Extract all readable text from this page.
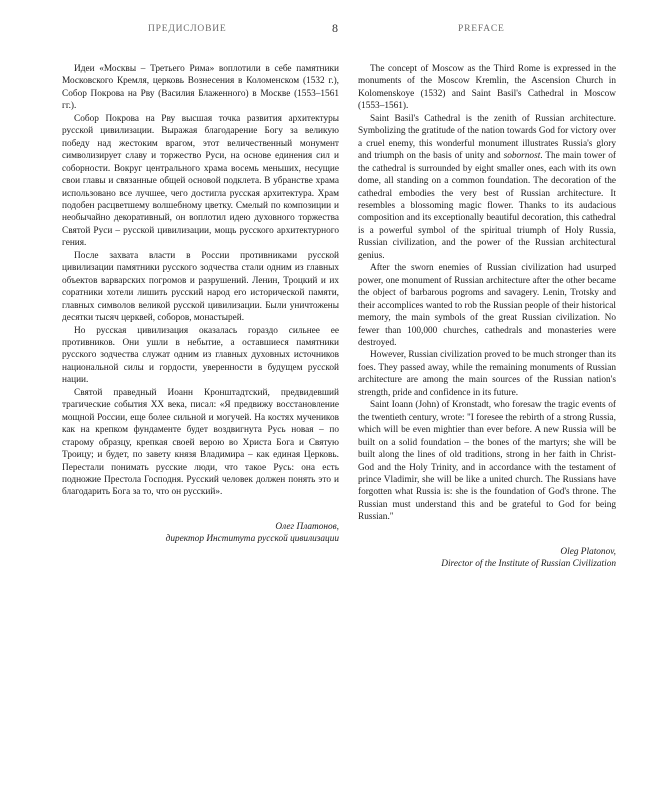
ПРЕДИСЛОВИЕ	8	PREFACE

Идеи «Москвы – Третьего Рима» воплотили в себе памятники Московского Кремля, церковь Вознесения в Коломенском (1532 г.), Собор Покрова на Рву (Василия Блаженного) в Москве (1553–1561 гг.).

Собор Покрова на Рву высшая точка развития архитектуры русской цивилизации. Выражая благодарение Богу за великую победу над жестоким врагом, этот величественный монумент символизирует славу и торжество Руси, на основе единения сил и соборности. Вокруг центрального храма восемь меньших, несущие свои главы и связанные общей основой подклета. В убранстве храма использовано все лучшее, чего достигла русская архитектура. Храм подобен расцветшему волшебному цветку. Смелый по композиции и необычайно декоративный, он воплотил идею духовного торжества Святой Руси – русской цивилизации, мощь русского архитектурного гения.

После захвата власти в России противниками русской цивилизации памятники русского зодчества стали одним из главных объектов варварских погромов и разрушений. Ленин, Троцкий и их соратники хотели лишить русский народ его исторической памяти, главных символов великой русской цивилизации. Были уничтожены десятки тысяч церквей, соборов, монастырей.

Но русская цивилизация оказалась гораздо сильнее ее противников. Они ушли в небытие, а оставшиеся памятники русского зодчества служат одним из главных духовных источников национальной силы и гордости, уверенности в будущем русской нации.

Святой праведный Иоанн Кронштадтский, предвидевший трагические события XX века, писал: «Я предвижу восстановление мощной России, еще более сильной и могучей. На костях мучеников как на крепком фундаменте будет воздвигнута Русь новая – по старому образцу, крепкая своей верою во Христа Бога и Святую Троицу; и будет, по завету князя Владимира – как единая Церковь. Перестали понимать русские люди, что такое Русь: она есть подножие Престола Господня. Русский человек должен понять это и благодарить Бога за то, что он русский».

Олег Платонов,
директор Института русской цивилизации

The concept of Moscow as the Third Rome is expressed in the monuments of the Moscow Kremlin, the Ascension Church in Kolomenskoye (1532) and Saint Basil's Cathedral in Moscow (1553–1561).

Saint Basil's Cathedral is the zenith of Russian architecture. Symbolizing the gratitude of the nation towards God for victory over a cruel enemy, this wonderful monument illustrates Russia's glory and triumph on the basis of unity and sobornost. The main tower of the cathedral is surrounded by eight smaller ones, each with its own dome, all standing on a common foundation. The decoration of the cathedral embodies the very best of Russian architecture. It resembles a blossoming magic flower. Thanks to its audacious composition and its exceptionally beautiful decoration, this cathedral is a powerful symbol of the spiritual triumph of Holy Russia, Russian civilization, and the power of the Russian architectural genius.

After the sworn enemies of Russian civilization had usurped power, one monument of Russian architecture after the other became the object of barbarous pogroms and savagery. Lenin, Trotsky and their accomplices wanted to rob the Russian people of their historical memory, the main symbols of the great Russian civilization. No fewer than 100,000 churches, cathedrals and monasteries were destroyed.

However, Russian civilization proved to be much stronger than its foes. They passed away, while the remaining monuments of Russian architecture are among the main sources of the Russian nation's strength, pride and confidence in its future.

Saint Ioann (John) of Kronstadt, who foresaw the tragic events of the twentieth century, wrote: "I foresee the rebirth of a strong Russia, which will be even mightier than ever before. A new Russia will be built on a solid foundation – the bones of the martyrs; she will be built along the lines of old traditions, strong in her faith in Christ-God and the Holy Trinity, and in accordance with the testament of prince Vladimir, she will be like a united church. The Russians have forgotten what Russia is: she is the foundation of God's throne. The Russian must understand this and be grateful to God for being Russian."

Oleg Platonov,
Director of the Institute of Russian Civilization
